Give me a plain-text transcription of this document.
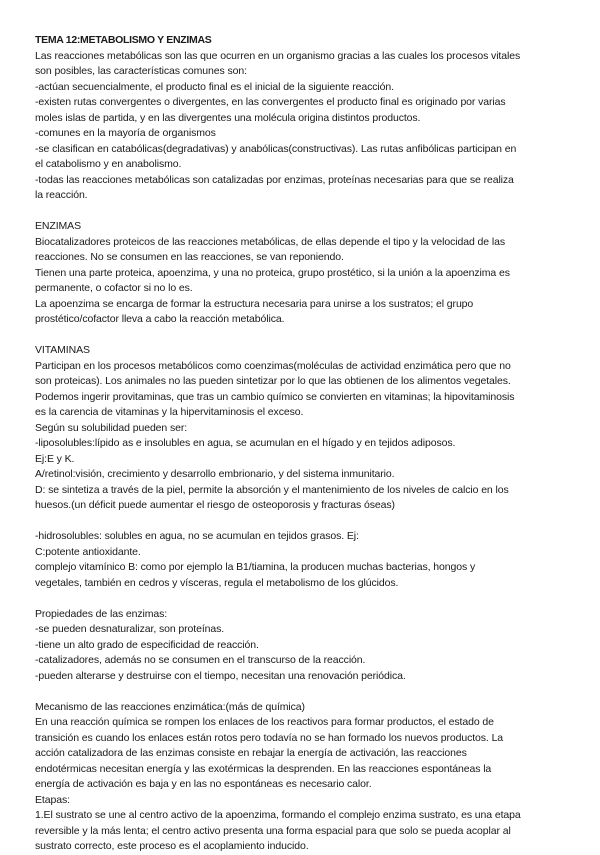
TEMA 12:METABOLISMO Y ENZIMAS
Las reacciones metabólicas son las que ocurren en un organismo gracias a las cuales los procesos vitales
son posibles, las características comunes son:
-actúan secuencialmente, el producto final es el inicial de la siguiente reacción.
-existen rutas convergentes o divergentes, en las convergentes el producto final es originado por varias
moles islas de partida, y en las divergentes una molécula origina distintos productos.
-comunes en la mayoría de organismos
-se clasifican en catabólicas(degradativas) y anabólicas(constructivas). Las rutas anfibólicas participan en
el catabolismo y en anabolismo.
-todas las reacciones metabólicas son catalizadas por enzimas, proteínas necesarias para que se realiza
la reacción.
ENZIMAS
Biocatalizadores proteicos de las reacciones metabólicas, de ellas depende el tipo y la velocidad de las
reacciones. No se consumen en las reacciones, se van reponiendo.
Tienen una parte proteica, apoenzima, y una no proteica, grupo prostético, si la unión a la apoenzima es
permanente, o cofactor si no lo es.
La apoenzima se encarga de formar la estructura necesaria para unirse a los sustratos; el grupo
prostético/cofactor lleva a cabo la reacción metabólica.
VITAMINAS
Participan en los procesos metabólicos como coenzimas(moléculas de actividad enzimática pero que no
son proteicas). Los animales no las pueden sintetizar por lo que las obtienen de los alimentos vegetales.
Podemos ingerir provitaminas, que tras un cambio químico se convierten en vitaminas; la hipovitaminosis
es la carencia de vitaminas y la hipervitaminosis el exceso.
Según su solubilidad pueden ser:
-liposolubles:lípido as e insolubles en agua, se acumulan en el hígado y en tejidos adiposos.
Ej:E y K.
A/retinol:visión, crecimiento y desarrollo embrionario, y del sistema inmunitario.
D: se sintetiza a través de la piel, permite la absorción y el mantenimiento de los niveles de calcio en los
huesos.(un déficit puede aumentar el riesgo de osteoporosis y fracturas óseas)
-hidrosolubles: solubles en agua, no se acumulan en tejidos grasos. Ej:
C:potente antioxidante.
complejo vitamínico B: como por ejemplo la B1/tiamina, la producen muchas bacterias, hongos y
vegetales, también en cedros y vísceras, regula el metabolismo de los glúcidos.
Propiedades de las enzimas:
-se pueden desnaturalizar, son proteínas.
-tiene un alto grado de especificidad de reacción.
-catalizadores, además no se consumen en el transcurso de la reacción.
-pueden alterarse y destruirse con el tiempo, necesitan una renovación periódica.
Mecanismo de las reacciones enzimática:(más de química)
En una reacción química se rompen los enlaces de los reactivos para formar productos, el estado de
transición es cuando los enlaces están rotos pero todavía no se han formado los nuevos productos. La
acción catalizadora de las enzimas consiste en rebajar la energía de activación, las reacciones
endotérmicas necesitan energía y las exotérmicas la desprenden. En las reacciones espontáneas la
energía de activación es baja y en las no espontáneas es necesario calor.
Etapas:
1.El sustrato se une al centro activo de la apoenzima, formando el complejo enzima sustrato, es una etapa
reversible y la más lenta; el centro activo presenta una forma espacial para que solo se pueda acoplar al
sustrato correcto, este proceso es el acoplamiento inducido.
